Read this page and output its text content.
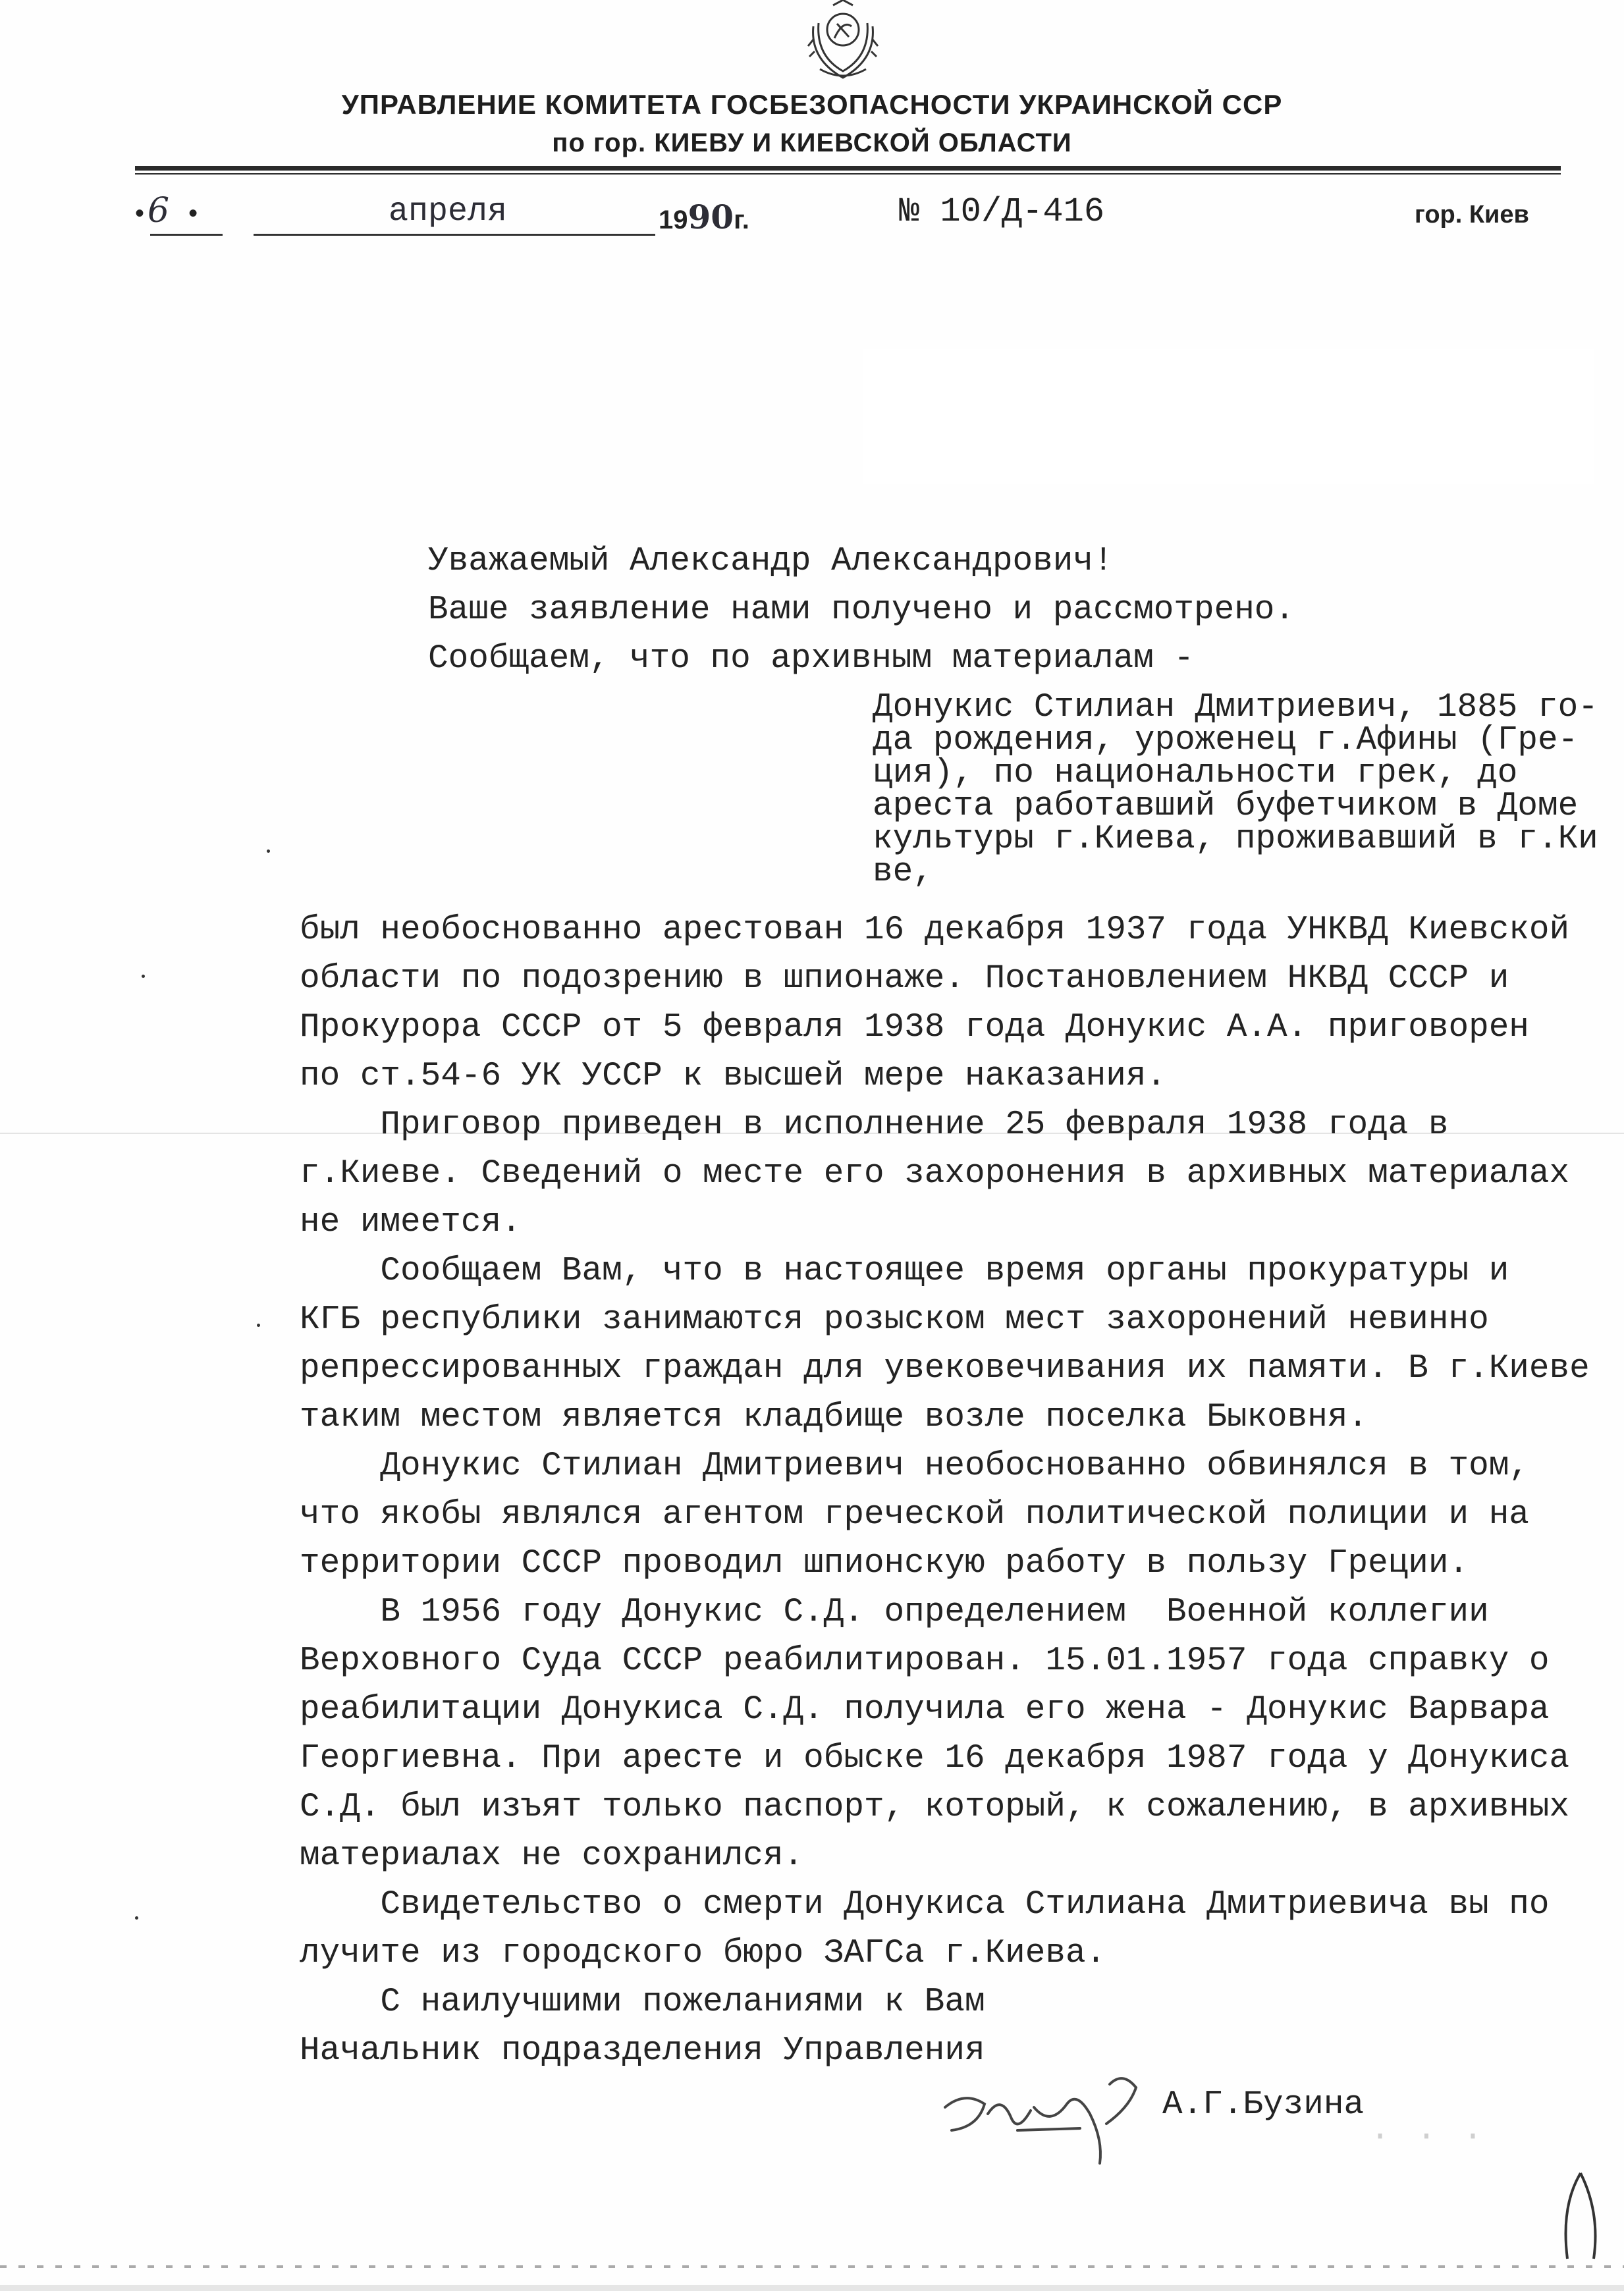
УПРАВЛЕНИЕ КОМИТЕТА ГОСБЕЗОПАСНОСТИ УКРАИНСКОЙ ССР
по гор. КИЕВУ И КИЕВСКОЙ ОБЛАСТИ
•6 •	апреля	1990г.	№ 10/Д-416	гор. Киев
Уважаемый Александр Александрович!
Ваше заявление нами получено и рассмотрено.
Сообщаем, что по архивным материалам -
Донукис Стилиан Дмитриевич, 1885 го-
да рождения, уроженец г.Афины (Гре-
ция), по национальности грек, до
ареста работавший буфетчиком в Доме
культуры г.Киева, проживавший в г.Ки
ве,
был необоснованно арестован 16 декабря 1937 года УНКВД Киевской
области по подозрению в шпионаже. Постановлением НКВД СССР и
Прокурора СССР от 5 февраля 1938 года Донукис А.А. приговорен
по ст.54-6 УК УССР к высшей мере наказания.
Приговор приведен в исполнение 25 февраля 1938 года в
г.Киеве. Сведений о месте его захоронения в архивных материалах
не имеется.
Сообщаем Вам, что в настоящее время органы прокуратуры и
КГБ республики занимаются розыском мест захоронений невинно
репрессированных граждан для увековечивания их памяти. В г.Киеве
таким местом является кладбище возле поселка Быковня.
Донукис Стилиан Дмитриевич необоснованно обвинялся в том,
что якобы являлся агентом греческой политической полиции и на
территории СССР проводил шпионскую работу в пользу Греции.
В 1956 году Донукис С.Д. определением  Военной коллегии
Верховного Суда СССР реабилитирован. 15.01.1957 года справку о
реабилитации Донукиса С.Д. получила его жена - Донукис Варвара
Георгиевна. При аресте и обыске 16 декабря 1987 года у Донукиса
С.Д. был изъят только паспорт, который, к сожалению, в архивных
материалах не сохранился.
Свидетельство о смерти Донукиса Стилиана Дмитриевича вы по
лучите из городского бюро ЗАГСа г.Киева.
С наилучшими пожеланиями к Вам
Начальник подразделения Управления
А.Г.Бузина
∙ ∙ ∙
